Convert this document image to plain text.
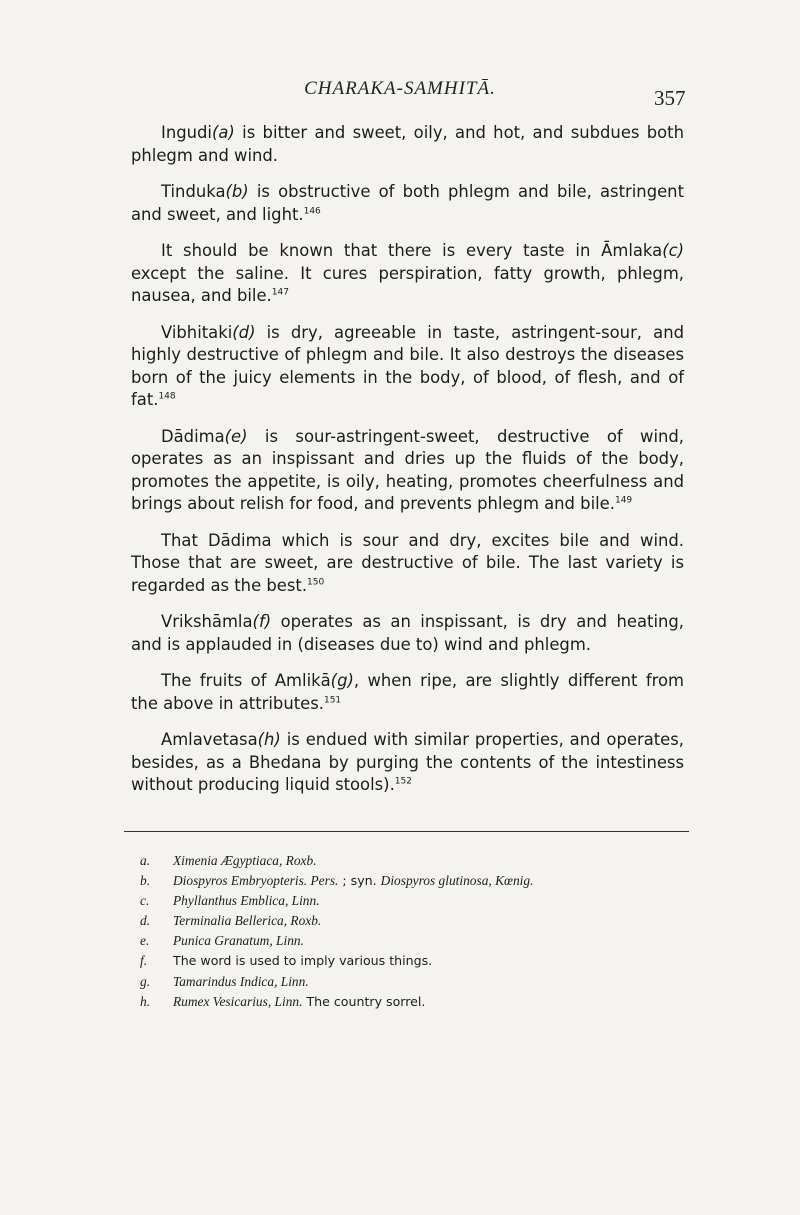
CHARAKA-SAMHITĀ.	357

Ingudi(a) is bitter and sweet, oily, and hot, and subdues both phlegm and wind.

Tinduka(b) is obstructive of both phlegm and bile, astringent and sweet, and light.$^{146}$

It should be known that there is every taste in Āmlaka(c) except the saline. It cures perspiration, fatty growth, phlegm, nausea, and bile.$^{147}$

Vibhitaki(d) is dry, agreeable in taste, astringent-sour, and highly destructive of phlegm and bile. It also destroys the diseases born of the juicy elements in the body, of blood, of flesh, and of fat.$^{148}$

Dādima(e) is sour-astringent-sweet, destructive of wind, operates as an inspissant and dries up the fluids of the body, promotes the appetite, is oily, heating, promotes cheerfulness and brings about relish for food, and prevents phlegm and bile.$^{149}$

That Dādima which is sour and dry, excites bile and wind. Those that are sweet, are destructive of bile. The last variety is regarded as the best.$^{150}$

Vrikshāmla(f) operates as an inspissant, is dry and heating, and is applauded in (diseases due to) wind and phlegm.

The fruits of Amlikā(g), when ripe, are slightly different from the above in attributes.$^{151}$

Amlavetasa(h) is endued with similar properties, and operates, besides, as a Bhedana by purging the contents of the intestiness without producing liquid stools).$^{152}$

a.	Ximenia Ægyptiaca, Roxb.
b.	Diospyros Embryopteris. Pers. ; syn. Diospyros glutinosa, Kœnig.
c.	Phyllanthus Emblica, Linn.
d.	Terminalia Bellerica, Roxb.
e.	Punica Granatum, Linn.
f.	The word is used to imply various things.
g.	Tamarindus Indica, Linn.
h.	Rumex Vesicarius, Linn. The country sorrel.
